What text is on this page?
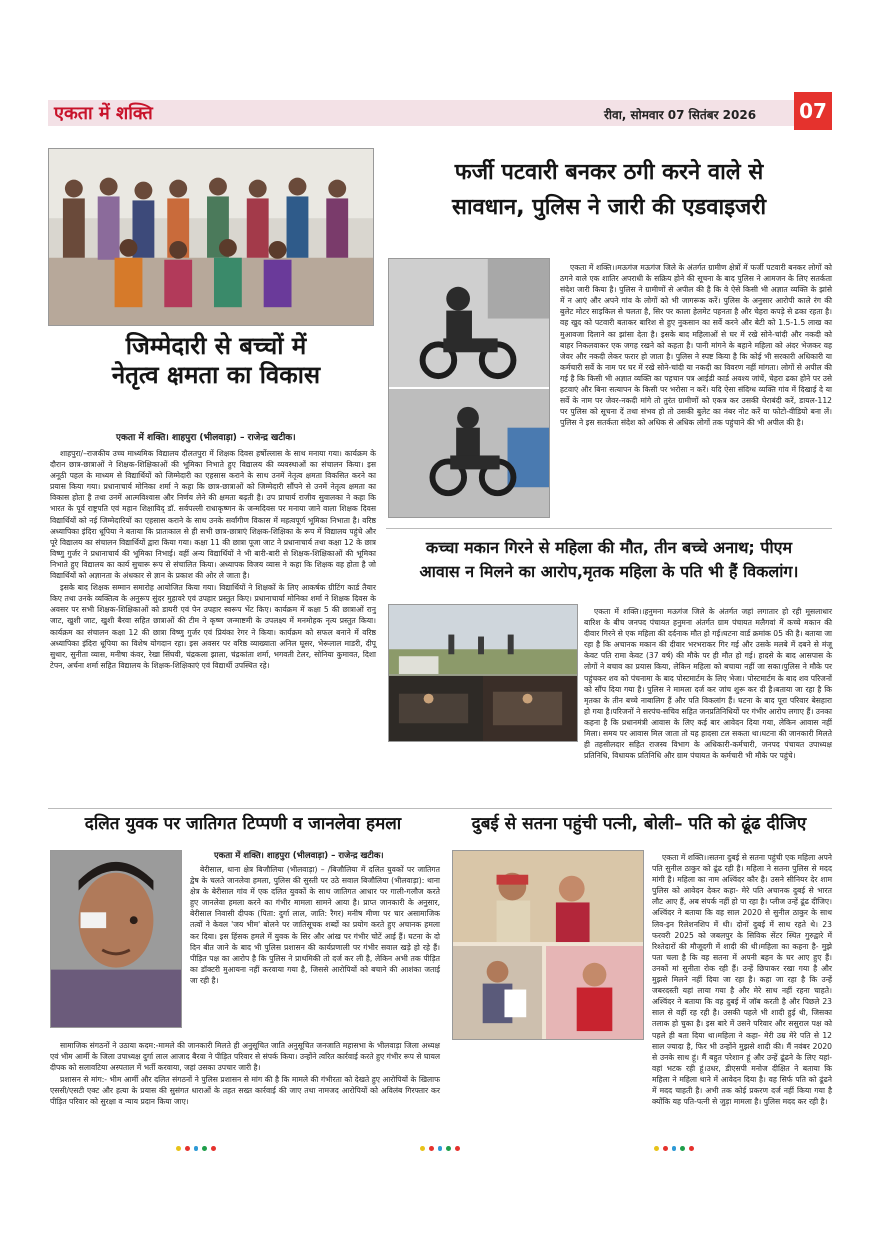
एकता में शक्ति	रीवा, सोमवार 07 सितंबर 2026 07
जिम्मेदारी से बच्चों में
नेतृत्व क्षमता का विकास
एकता में शक्ति। शाहपुरा (भीलवाड़ा) – राजेन्द्र खटीक।

शाहपुरा/–राजकीय उच्च माध्यमिक विद्यालय दौलतपुरा में शिक्षक दिवस हर्षोल्लास के साथ मनाया गया। कार्यक्रम के दौरान छात्र-छात्राओं ने शिक्षक-शिक्षिकाओं की भूमिका निभाते हुए विद्यालय की व्यवस्थाओं का संचालन किया। इस अनूठी पहल के माध्यम से विद्यार्थियों को जिम्मेदारी का एहसास कराने के साथ उनमें नेतृत्व क्षमता विकसित करने का प्रयास किया गया। प्रधानाचार्य मोनिका शर्मा ने कहा कि छात्र-छात्राओं को जिम्मेदारी सौंपने से उनमें नेतृत्व क्षमता का विकास होता है तथा उनमें आत्मविश्वास और निर्णय लेने की क्षमता बढ़ती है। उप प्राचार्य राजीव सुवालका ने कहा कि भारत के पूर्व राष्ट्रपति एवं महान शिक्षाविद् डॉ. सर्वपल्ली राधाकृष्णन के जन्मदिवस पर मनाया जाने वाला शिक्षक दिवस विद्यार्थियों को नई जिम्मेदारियों का एहसास कराने के साथ उनके सर्वांगीण विकास में महत्वपूर्ण भूमिका निभाता है। वरिष्ठ अध्यापिका इंदिरा धूपिया ने बताया कि प्रातःकाल से ही सभी छात्र-छात्राएं शिक्षक-शिक्षिका के रूप में विद्यालय पहुंचे और पूरे विद्यालय का संचालन विद्यार्थियों द्वारा किया गया। कक्षा 11 की छात्रा पूजा जाट ने प्रधानाचार्य तथा कक्षा 12 के छात्र विष्णु गुर्जर ने प्रधानाचार्य की भूमिका निभाई। वहीं अन्य विद्यार्थियों ने भी बारी-बारी से शिक्षक-शिक्षिकाओं की भूमिका निभाते हुए विद्यालय का कार्य सुचारू रूप से संचालित किया। अध्यापक विजय व्यास ने कहा कि शिक्षक वह होता है जो विद्यार्थियों को अज्ञानता के अंधकार से ज्ञान के प्रकाश की ओर ले जाता है।

इसके बाद शिक्षक सम्मान समारोह आयोजित किया गया। विद्यार्थियों ने शिक्षकों के लिए आकर्षक ग्रीटिंग कार्ड तैयार किए तथा उनके व्यक्तित्व के अनुरूप सुंदर मुहावरे एवं उपहार प्रस्तुत किए। प्रधानाचार्या मोनिका शर्मा ने शिक्षक दिवस के अवसर पर सभी शिक्षक-शिक्षिकाओं को डायरी एवं पेन उपहार स्वरूप भेंट किए। कार्यक्रम में कक्षा 5 की छात्राओं रानु जाट, खुशी जाट, खुशी बैरवा सहित छात्राओं की टीम ने कृष्ण जन्माष्टमी के उपलक्ष्य में मनमोहक नृत्य प्रस्तुत किया। कार्यक्रम का संचालन कक्षा 12 की छात्रा विष्णु गुर्जर एवं प्रियंका रेगर ने किया। कार्यक्रम को सफल बनाने में वरिष्ठ अध्यापिका इंदिरा धूपिया का विशेष योगदान रहा। इस अवसर पर वरिष्ठ व्याख्याता अनिल घूसर, भेरूलाल माडरी, दीपू सुथार, सुनीता व्यास, मनीषा कंवर, रेखा सिंघवी, चंद्रकला झाला, चंद्रकांता शर्मा, भगवती टेलर, सोनिया कुमावत, दिशा टेपन, अर्चना शर्मा सहित विद्यालय के शिक्षक-शिक्षिकाएं एवं विद्यार्थी उपस्थित रहे।

फर्जी पटवारी बनकर ठगी करने वाले से
सावधान, पुलिस ने जारी की एडवाइजरी

एकता में शक्ति।।मऊगंज मऊगंज जिले के अंतर्गत ग्रामीण क्षेत्रों में फर्जी पटवारी बनकर लोगों को ठगने वाले एक शातिर अपराधी के सक्रिय होने की सूचना के बाद पुलिस ने आमजन के लिए सतर्कता संदेश जारी किया है। पुलिस ने ग्रामीणों से अपील की है कि वे ऐसे किसी भी अज्ञात व्यक्ति के झांसे में न आएं और अपने गांव के लोगों को भी जागरूक करें। पुलिस के अनुसार आरोपी काले रंग की बुलेट मोटर साइकिल से चलता है, सिर पर काला हेलमेट पहनता है और चेहरा कपड़े से ढका रहता है। वह खुद को पटवारी बताकर बारिश से हुए नुकसान का सर्वे करने और बेटी को 1.5-1.5 लाख का मुआवजा दिलाने का झांसा देता है। इसके बाद महिलाओं से घर में रखे सोने-चांदी और नकदी को बाहर निकलवाकर एक जगह रखने को कहता है। पानी मांगने के बहाने महिला को अंदर भेजकर वह जेवर और नकदी लेकर फरार हो जाता है। पुलिस ने स्पष्ट किया है कि कोई भी सरकारी अधिकारी या कर्मचारी सर्वे के नाम पर घर में रखे सोने-चांदी या नकदी का विवरण नहीं मांगता। लोगों से अपील की गई है कि किसी भी अज्ञात व्यक्ति का पहचान पत्र आईडी कार्ड अवश्य जांचें, चेहरा ढका होने पर उसे हटवाएं और बिना सत्यापन के किसी पर भरोसा न करें। यदि ऐसा संदिग्ध व्यक्ति गांव में दिखाई दे या सर्वे के नाम पर जेवर-नकदी मांगे तो तुरंत ग्रामीणों को एकत्र कर उसकी घेराबंदी करें, डायल-112 पर पुलिस को सूचना दें तथा संभव हो तो उसकी बुलेट का नंबर नोट करें या फोटो-वीडियो बना लें। पुलिस ने इस सतर्कता संदेश को अधिक से अधिक लोगों तक पहुंचाने की भी अपील की है।

कच्चा मकान गिरने से महिला की मौत, तीन बच्चे अनाथ; पीएम
आवास न मिलने का आरोप,मृतक महिला के पति भी हैं विकलांग।

एकता में शक्ति।।हनुमना मऊगंज जिले के अंतर्गत जहां लगातार हो रही मूसलाधार बारिश के बीच जनपद पंचायत हनुमना अंतर्गत ग्राम पंचायत मलैगवां में कच्चे मकान की दीवार गिरने से एक महिला की दर्दनाक मौत हो गई।घटना वार्ड क्रमांक 05 की है। बताया जा रहा है कि अचानक मकान की दीवार भरभराकर गिर गई और उसके मलबे में दबने से मंजू केवट पति रामा केवट (37 वर्ष) की मौके पर ही मौत हो गई। हादसे के बाद आसपास के लोगों ने बचाव का प्रयास किया, लेकिन महिला को बचाया नहीं जा सका।पुलिस ने मौके पर पहुंचकर शव को पंचनामा के बाद पोस्टमार्टम के लिए भेजा। पोस्टमार्टम के बाद शव परिजनों को सौंप दिया गया है। पुलिस ने मामला दर्ज कर जांच शुरू कर दी है।बताया जा रहा है कि मृतका के तीन बच्चे नाबालिग हैं और पति विकलांग हैं। घटना के बाद पूरा परिवार बेसहारा हो गया है।परिजनों ने सरपंच-सचिव सहित जनप्रतिनिधियों पर गंभीर आरोप लगाए हैं। उनका कहना है कि प्रधानमंत्री आवास के लिए कई बार आवेदन दिया गया, लेकिन आवास नहीं मिला। समय पर आवास मिल जाता तो यह हादसा टल सकता था।घटना की जानकारी मिलते ही तहसीलदार सहित राजस्व विभाग के अधिकारी-कर्मचारी, जनपद पंचायत उपाध्यक्ष प्रतिनिधि, विधायक प्रतिनिधि और ग्राम पंचायत के कर्मचारी भी मौके पर पहुंचे।

दलित युवक पर जातिगत टिप्पणी व जानलेवा हमला
एकता में शक्ति। शाहपुरा (भीलवाड़ा) – राजेन्द्र खटीक।

बेरीसाल, थाना क्षेत्र बिजौलिया (भीलवाड़ा) – /बिजौलिया में दलित युवकों पर जातिगत द्वेष के चलते जानलेवा हमला, पुलिस की सुस्ती पर उठे सवाल बिजौलिया (भीलवाड़ा): थाना क्षेत्र के बेरीसाल गांव में एक दलित युवकों के साथ जातिगत आधार पर गाली-गलौज करते हुए जानलेवा हमला करने का गंभीर मामला सामने आया है। प्राप्त जानकारी के अनुसार, बेरीसाल निवासी दीपक (पिता: दुर्गा लाल, जाति: रैगर) मनीष मीणा पर चार असामाजिक तत्वों ने केवल 'जय भीम' बोलने पर जातिसूचक शब्दों का प्रयोग करते हुए अचानक हमला कर दिया। इस हिंसक हमले में युवक के सिर और आंख पर गंभीर चोटें आई हैं। घटना के दो दिन बीत जाने के बाद भी पुलिस प्रशासन की कार्यप्रणाली पर गंभीर सवाल खड़े हो रहे हैं। पीड़ित पक्ष का आरोप है कि पुलिस ने प्राथमिकी तो दर्ज कर ली है, लेकिन अभी तक पीड़ित का डॉक्टरी मुआयना नहीं करवाया गया है, जिससे आरोपियों को बचाने की आशंका जताई जा रही है।

सामाजिक संगठनों ने उठाया कदम:-मामले की जानकारी मिलते ही अनुसूचित जाति अनुसूचित जनजाति महासभा के भीलवाड़ा जिला अध्यक्ष एवं भीम आर्मी के जिला उपाध्यक्ष दुर्गा लाल आजाद बैरवा ने पीड़ित परिवार से संपर्क किया। उन्होंने त्वरित कार्रवाई करते हुए गंभीर रूप से घायल दीपक को सलावटिया अस्पताल में भर्ती करवाया, जहां उसका उपचार जारी है।

प्रशासन से मांग:- भीम आर्मी और दलित संगठनों ने पुलिस प्रशासन से मांग की है कि मामले की गंभीरता को देखते हुए आरोपियों के खिलाफ एससी/एसटी एक्ट और हत्या के प्रयास की सुसंगत धाराओं के तहत सख्त कार्रवाई की जाए तथा नामजद आरोपियों को अविलंब गिरफ्तार कर पीड़ित परिवार को सुरक्षा व न्याय प्रदान किया जाए।

दुबई से सतना पहुंची पत्नी, बोली– पति को ढूंढ दीजिए

एकता में शक्ति।।सतना दुबई से सतना पहुंची एक महिला अपने पति सुनील ठाकुर को ढूंढ रही है। महिला ने सतना पुलिस से मदद मांगी है। महिला का नाम अश्विंदर कौर है। उसने सीनियर देर शाम पुलिस को आवेदन देकर कहा- मेरे पति अचानक दुबई से भारत लौट आए हैं, अब संपर्क नहीं हो पा रहा है। प्लीज उन्हें ढूंढ दीजिए।अश्विंदर ने बताया कि वह साल 2020 से सुनील ठाकुर के साथ लिव-इन रिलेशनशिप में थी। दोनों दुबई में साथ रहते थे। 23 फरवरी 2025 को जबलपुर के सिविक सेंटर स्थित गुरुद्वारे में रिश्तेदारों की मौजूदगी में शादी की थी।महिला का कहना है- मुझे पता चला है कि वह सतना में अपनी बहन के घर आए हुए हैं। उनकों मां सुनीता रोक रही हैं। उन्हें छिपाकर रखा गया है और मुझसे मिलने नहीं दिया जा रहा है। कहा जा रहा है कि उन्हें जबरदस्ती यहां लाया गया है और मेरे साथ नहीं रहना चाहते।अश्विंदर ने बताया कि वह दुबई में जॉब करती है और पिछले 23 साल से वहीं रह रही है। उसकी पहले भी शादी हुई थी, जिसका तलाक हो चुका है। इस बारे में उसने परिवार और ससुराल पक्ष को पहले ही बता दिया था।महिला ने कहा- मेरी उम्र मेरे पति से 12 साल ज्यादा है, फिर भी उन्होंने मुझसे शादी की। मैं नवंबर 2020 से उनके साथ हूं। मैं बहुत परेशान हूं और उन्हें ढूंढने के लिए यहां-वहां भटक रही हूं।उधर, डीएसपी मनोज दीक्षित ने बताया कि महिला ने महिला थाने में आवेदन दिया है। वह सिर्फ पति को ढूंढने में मदद चाहती है। अभी तक कोई प्रकरण दर्ज नहीं किया गया है क्योंकि यह पति-पत्नी से जुड़ा मामला है। पुलिस मदद कर रही है।
